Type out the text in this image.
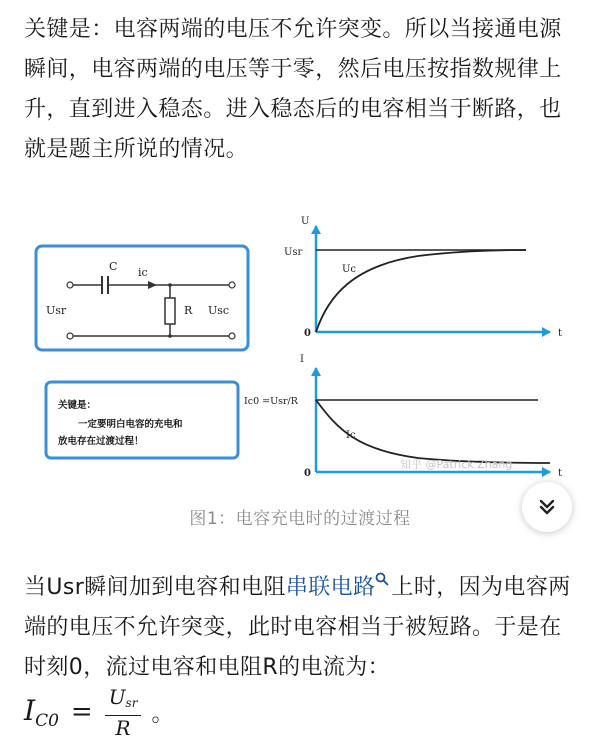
关键是：电容两端的电压不允许突变。所以当接通电源瞬间，电容两端的电压等于零，然后电压按指数规律上升，直到进入稳态。进入稳态后的电容相当于断路，也就是题主所说的情况。
C ic
R
Usr	Usc
关键是：
一定要明白电容的充电和
放电存在过渡过程！
U
t
Usr
Uc
0
I
t
Ic0 =Usr/R
Ic
0
知乎 @Patrick Zhang
图1：电容充电时的过渡过程
当Usr瞬间加到电容和电阻串联电路 上时，因为电容两端的电压不允许突变，此时电容相当于被短路。于是在时刻0，流过电容和电阻R的电流为：
$I_{C0} = \frac{U_{sr}}{R}$ 。
